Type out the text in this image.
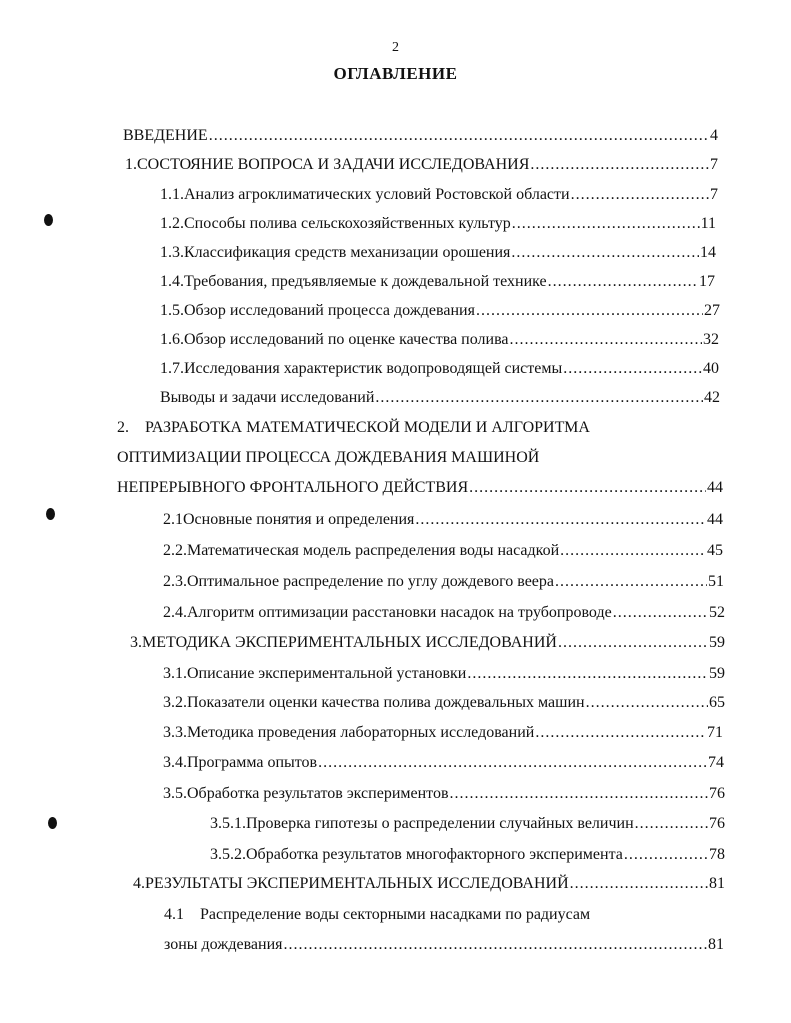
2
ОГЛАВЛЕНИЕ
ВВЕДЕНИЕ .....	4
1. СОСТОЯНИЕ ВОПРОСА И ЗАДАЧИ ИССЛЕДОВАНИЯ .....	7
1.1. Анализ агроклиматических условий Ростовской области .....	7
1.2. Способы полива сельскохозяйственных культур .....	11
1.3. Классификация средств механизации орошения .....	14
1.4. Требования, предъявляемые к дождевальной технике .....	17
1.5. Обзор исследований процесса дождевания .....	27
1.6. Обзор исследований по оценке качества полива .....	32
1.7. Исследования характеристик водопроводящей системы .....	40
Выводы и задачи исследований .....	42
2. РАЗРАБОТКА МАТЕМАТИЧЕСКОЙ МОДЕЛИ И АЛГОРИТМА
ОПТИМИЗАЦИИ ПРОЦЕССА ДОЖДЕВАНИЯ МАШИНОЙ
НЕПРЕРЫВНОГО ФРОНТАЛЬНОГО ДЕЙСТВИЯ .....	44
2.1 Основные понятия и определения .....	44
2.2. Математическая модель распределения воды насадкой .....	45
2.3. Оптимальное распределение по углу дождевого веера .....	51
2.4. Алгоритм оптимизации расстановки насадок на трубопроводе .....	52
3. МЕТОДИКА ЭКСПЕРИМЕНТАЛЬНЫХ ИССЛЕДОВАНИЙ .....	59
3.1. Описание экспериментальной установки .....	59
3.2. Показатели оценки качества полива дождевальных машин .....	65
3.3. Методика проведения лабораторных исследований .....	71
3.4. Программа опытов .....	74
3.5. Обработка результатов экспериментов .....	76
3.5.1. Проверка гипотезы о распределении случайных величин .....	76
3.5.2. Обработка результатов многофакторного эксперимента .....	78
4. РЕЗУЛЬТАТЫ ЭКСПЕРИМЕНТАЛЬНЫХ ИССЛЕДОВАНИЙ .....	81
4.1 Распределение воды секторными насадками по радиусам
зоны дождевания .....	81
